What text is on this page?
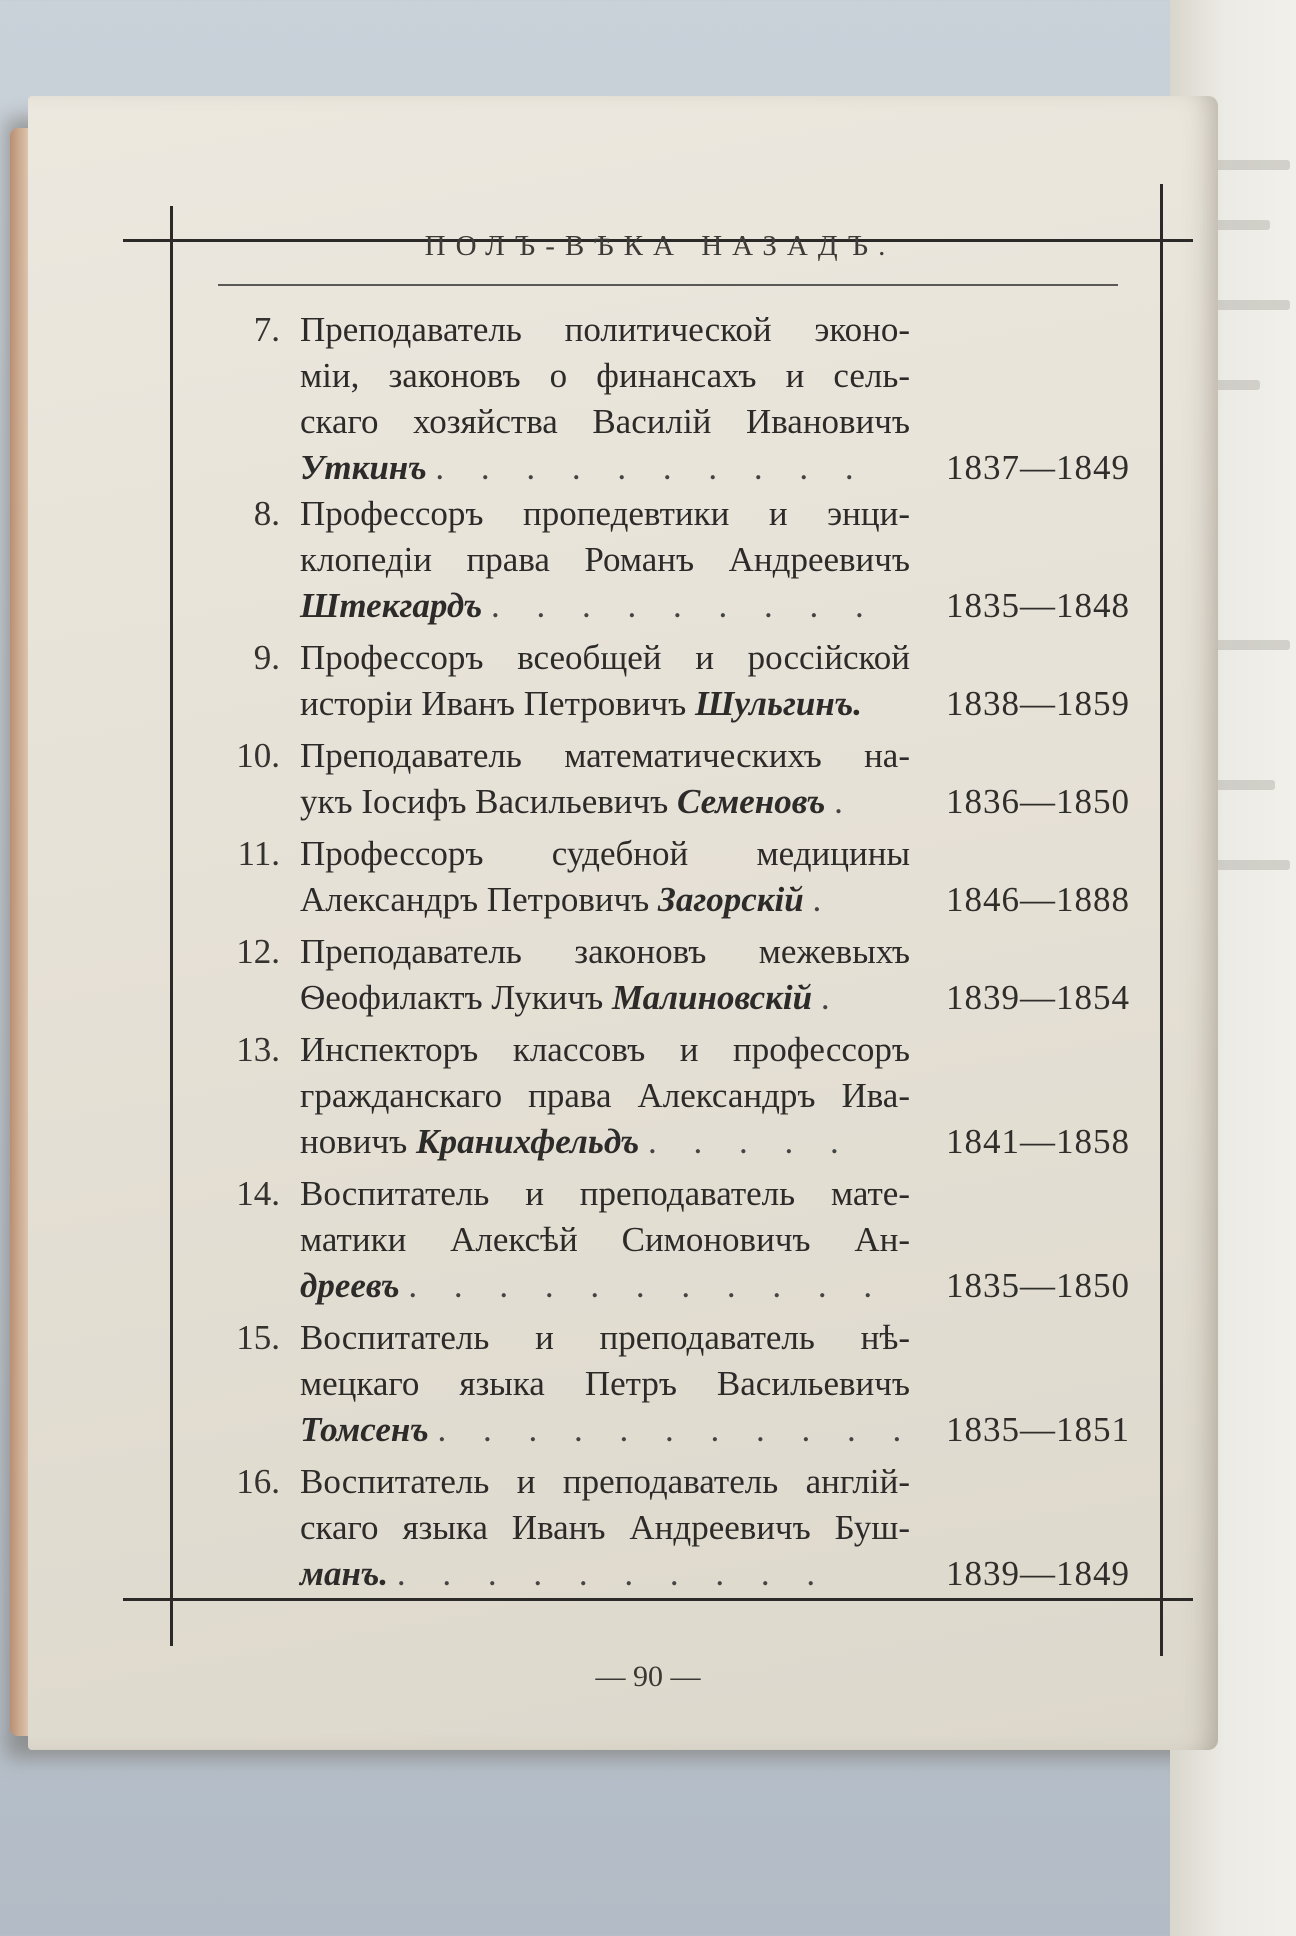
ПОЛЪ-ВѢКА НАЗАДЪ.
7. Преподаватель политической эконо-
міи, законовъ о финансахъ и сель-
скаго хозяйства Василій Ивановичъ
Уткинъ . . . . . . . . . .	1837—1849
8. Профессоръ пропедевтики и энци-
клопедіи права Романъ Андреевичъ
Штекгардъ . . . . . . . . .	1835—1848
9. Профессоръ всеобщей и россійской
исторіи Иванъ Петровичъ Шульгинъ.	1838—1859
10. Преподаватель математическихъ на-
укъ Іосифъ Васильевичъ Семеновъ .	1836—1850
11. Профессоръ судебной медицины
Александръ Петровичъ Загорскій .	1846—1888
12. Преподаватель законовъ межевыхъ
Ѳеофилактъ Лукичъ Малиновскій .	1839—1854
13. Инспекторъ классовъ и профессоръ
гражданскаго права Александръ Ива-
новичъ Кранихфельдъ . . . . .	1841—1858
14. Воспитатель и преподаватель мате-
матики Алексѣй Симоновичъ Ан-
дреевъ . . . . . . . . . . .	1835—1850
15. Воспитатель и преподаватель нѣ-
мецкаго языка Петръ Васильевичъ
Томсенъ . . . . . . . . . . . 1835—1851
16. Воспитатель и преподаватель англій-
скаго языка Иванъ Андреевичъ Буш-
манъ. . . . . . . . . . .	1839—1849
— 90 —
